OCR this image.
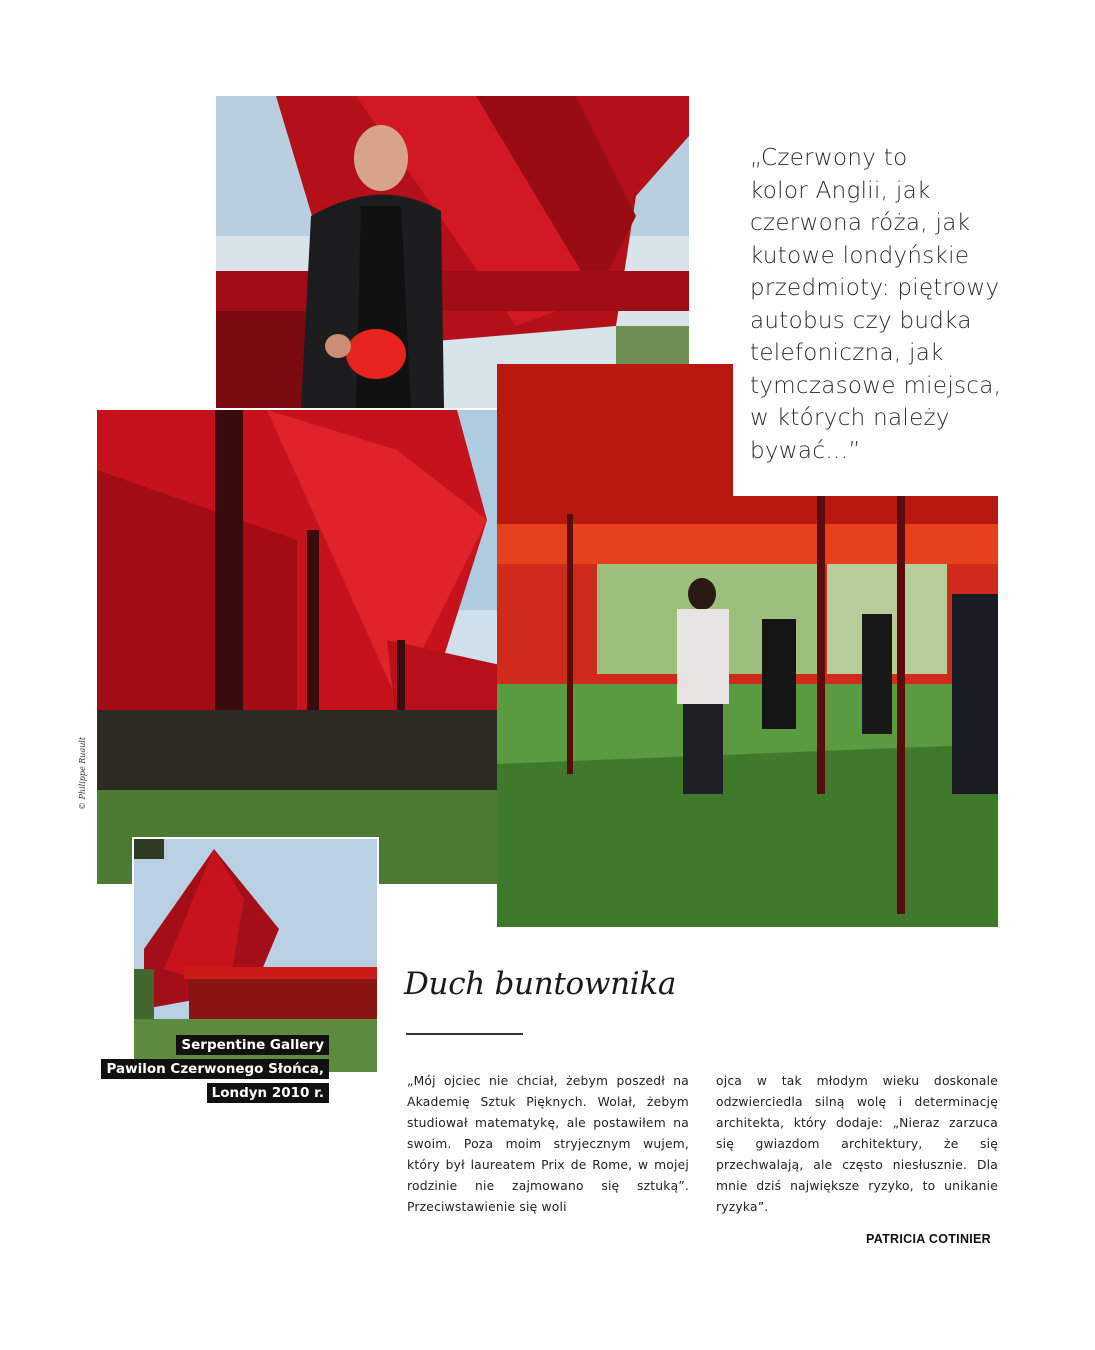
„Czerwony to
kolor Anglii, jak
czerwona róża, jak
kutowe londyńskie
przedmioty: piętrowy
autobus czy budka
telefoniczna, jak
tymczasowe miejsca,
w których należy
bywać…”
© Philippe Ruault
Serpentine Gallery
Pawilon Czerwonego Słońca,
Londyn 2010 r.
Duch buntownika
„Mój ojciec nie chciał, żebym poszedł na Akademię Sztuk Pięknych. Wolał, żebym studiował matematykę, ale postawiłem na swoim. Poza moim stryjecznym wujem, który był laureatem Prix de Rome, w mojej rodzinie nie zajmowano się sztuką”. Przeciwstawienie się woli
ojca w tak młodym wieku doskonale odzwierciedla silną wolę i determinację architekta, który dodaje: „Nieraz zarzuca się gwiazdom architektury, że się przechwalają, ale często niesłusznie. Dla mnie dziś największe ryzyko, to unikanie ryzyka”.
PATRICIA COTINIER
